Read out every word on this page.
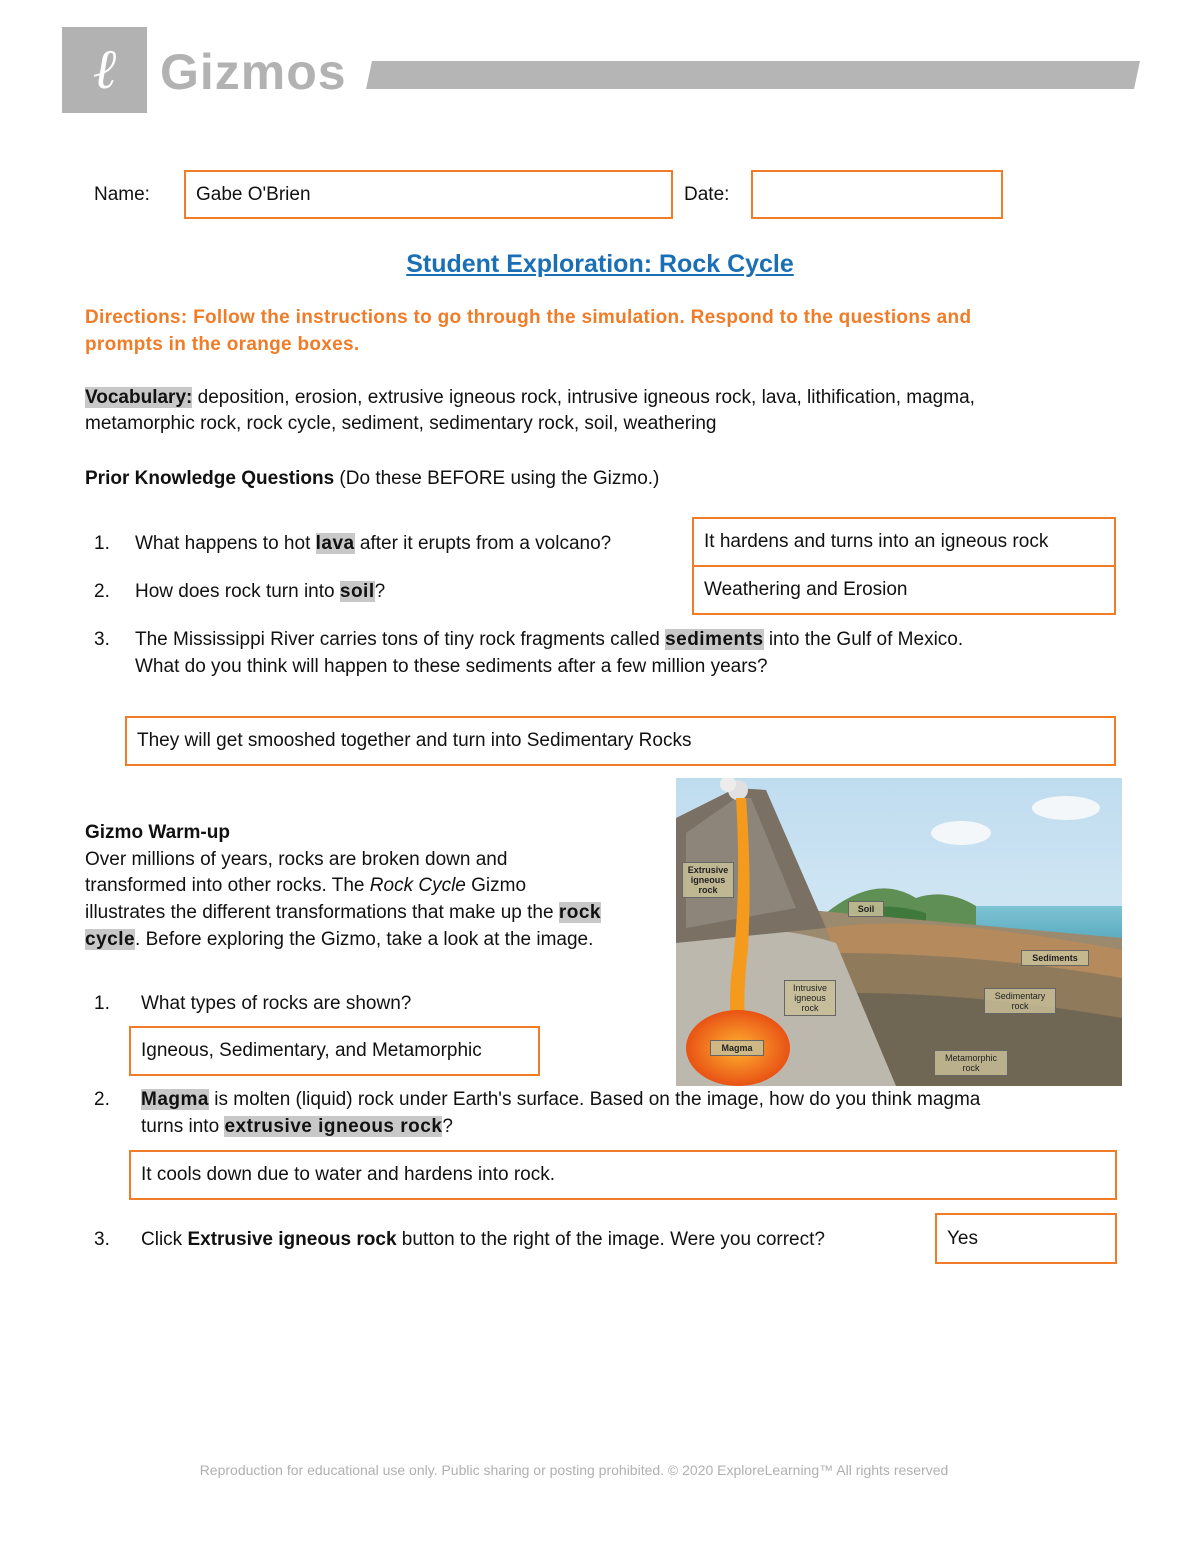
ℓ Gizmos
Name: Gabe O'Brien	Date:
Student Exploration: Rock Cycle
Directions: Follow the instructions to go through the simulation. Respond to the questions and
prompts in the orange boxes.
Vocabulary: deposition, erosion, extrusive igneous rock, intrusive igneous rock, lava, lithification, magma,
metamorphic rock, rock cycle, sediment, sedimentary rock, soil, weathering
Prior Knowledge Questions (Do these BEFORE using the Gizmo.)
1. What happens to hot lava after it erupts from a volcano?	It hardens and turns into an igneous rock
2. How does rock turn into soil?	Weathering and Erosion
3. The Mississippi River carries tons of tiny rock fragments called sediments into the Gulf of Mexico.
What do you think will happen to these sediments after a few million years?
They will get smooshed together and turn into Sedimentary Rocks
Gizmo Warm-up
Over millions of years, rocks are broken down and
transformed into other rocks. The Rock Cycle Gizmo
illustrates the different transformations that make up the rock
cycle. Before exploring the Gizmo, take a look at the image.
Extrusive igneous rock
Soil
Sediments
Intrusive igneous rock
Sedimentary rock
Magma
Metamorphic rock
1. What types of rocks are shown?
Igneous, Sedimentary, and Metamorphic
2. Magma is molten (liquid) rock under Earth's surface. Based on the image, how do you think magma
turns into extrusive igneous rock?
It cools down due to water and hardens into rock.
3. Click Extrusive igneous rock button to the right of the image. Were you correct?	Yes
Reproduction for educational use only. Public sharing or posting prohibited. © 2020 ExploreLearning™ All rights reserved
